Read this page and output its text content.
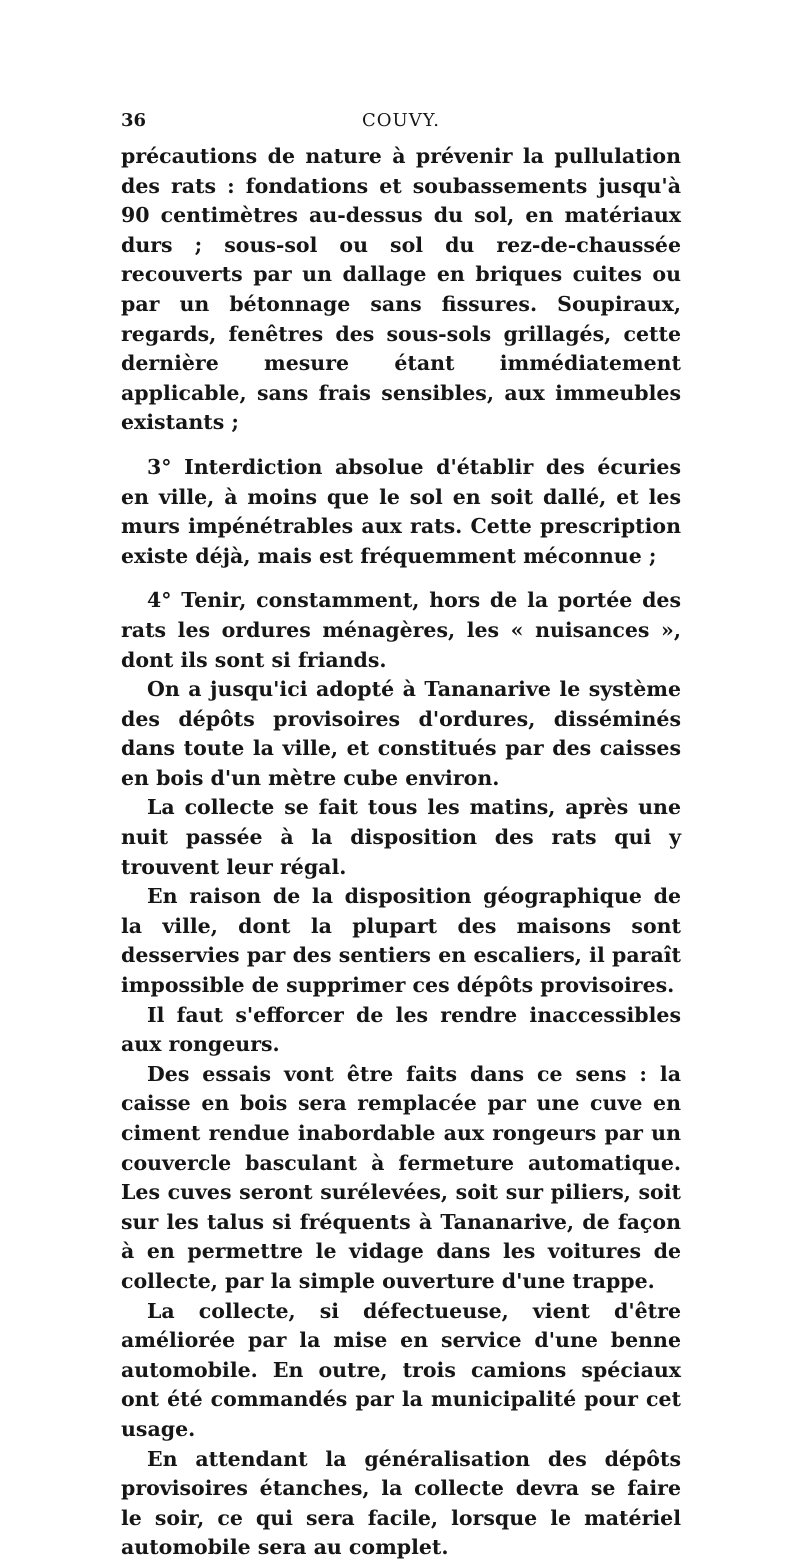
36	COUVY.

précautions de nature à prévenir la pullulation des rats : fondations et soubassements jusqu'à 90 centimètres au-dessus du sol, en matériaux durs ; sous-sol ou sol du rez-de-chaussée recouverts par un dallage en briques cuites ou par un bétonnage sans fissures. Soupiraux, regards, fenêtres des sous-sols grillagés, cette dernière mesure étant immédiatement applicable, sans frais sensibles, aux immeubles existants ;

3° Interdiction absolue d'établir des écuries en ville, à moins que le sol en soit dallé, et les murs impénétrables aux rats. Cette prescription existe déjà, mais est fréquemment méconnue ;

4° Tenir, constamment, hors de la portée des rats les ordures ménagères, les « nuisances », dont ils sont si friands.

On a jusqu'ici adopté à Tananarive le système des dépôts provisoires d'ordures, disséminés dans toute la ville, et constitués par des caisses en bois d'un mètre cube environ.

La collecte se fait tous les matins, après une nuit passée à la disposition des rats qui y trouvent leur régal.

En raison de la disposition géographique de la ville, dont la plupart des maisons sont desservies par des sentiers en escaliers, il paraît impossible de supprimer ces dépôts provisoires.

Il faut s'efforcer de les rendre inaccessibles aux rongeurs.

Des essais vont être faits dans ce sens : la caisse en bois sera remplacée par une cuve en ciment rendue inabordable aux rongeurs par un couvercle basculant à fermeture automatique. Les cuves seront surélevées, soit sur piliers, soit sur les talus si fréquents à Tananarive, de façon à en permettre le vidage dans les voitures de collecte, par la simple ouverture d'une trappe.

La collecte, si défectueuse, vient d'être améliorée par la mise en service d'une benne automobile. En outre, trois camions spéciaux ont été commandés par la municipalité pour cet usage.

En attendant la généralisation des dépôts provisoires étanches, la collecte devra se faire le soir, ce qui sera facile, lorsque le matériel automobile sera au complet.
